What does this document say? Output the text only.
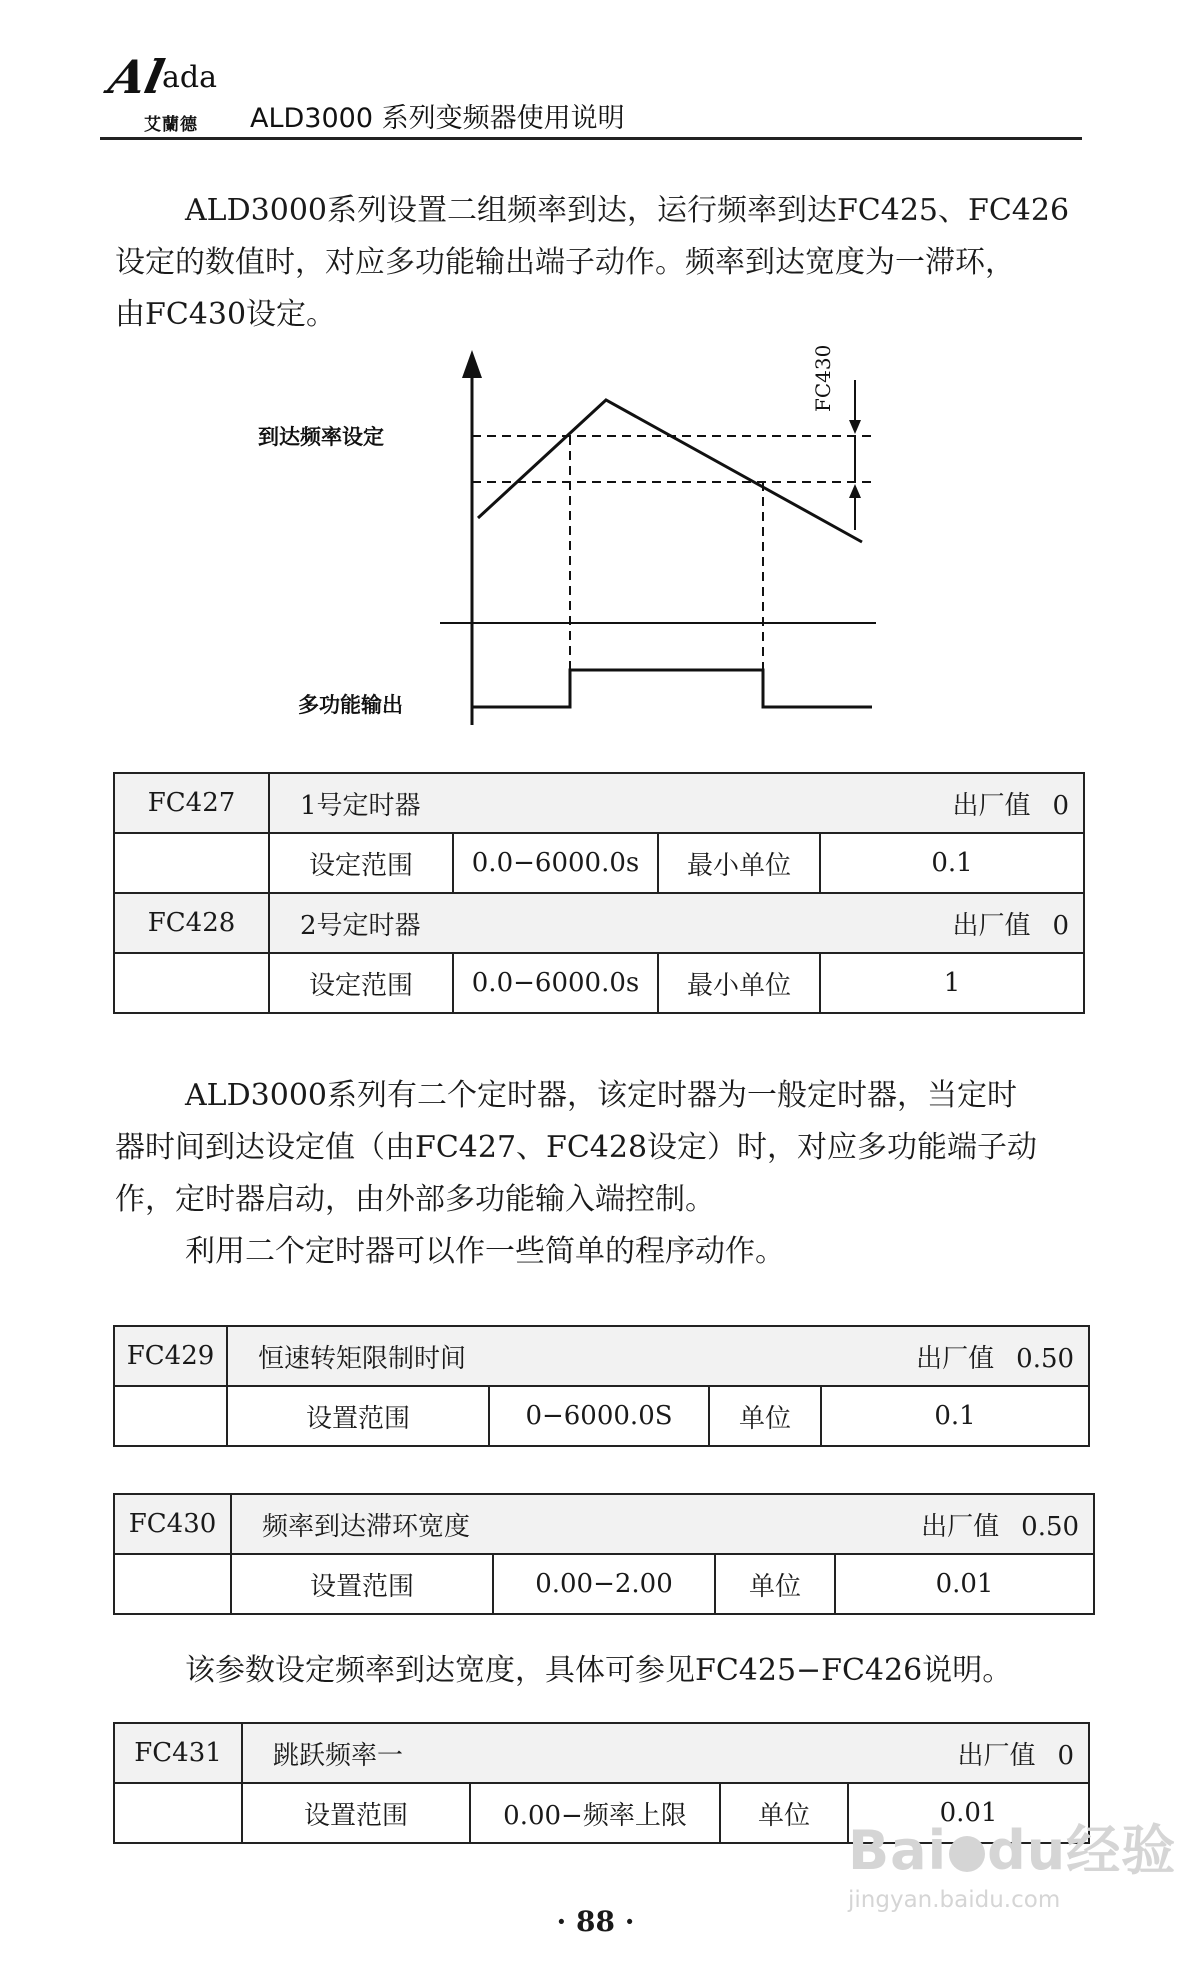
Al
ada
艾蘭德 ALD3000 系列变频器使用说明

ALD3000系列设置二组频率到达，运行频率到达FC425、FC426
设定的数值时，对应多功能输出端子动作。频率到达宽度为一滞环，
由FC430设定。

FC430
到达频率设定
多功能输出
FC427	1号定时器 出厂值 0			

	设定范围	0.0−6000.0s	最小单位	0.1
FC428	2号定时器 出厂值 0			

	设定范围	0.0−6000.0s	最小单位	1

ALD3000系列有二个定时器，该定时器为一般定时器，当定时
器时间到达设定值（由FC427、FC428设定）时，对应多功能端子动
作，定时器启动，由外部多功能输入端控制。
利用二个定时器可以作一些简单的程序动作。

FC429	恒速转矩限制时间 出厂值 0.50			

	设置范围	0−6000.0S	单位	0.1
FC430	频率到达滞环宽度 出厂值 0.50			

	设置范围	0.00−2.00	单位	0.01

该参数设定频率到达宽度，具体可参见FC425−FC426说明。

FC431	跳跃频率一 出厂值 0			

	设置范围	0.00−频率上限	单位	0.01
Bai du经验
jingyan.baidu.com
· 88 ·
